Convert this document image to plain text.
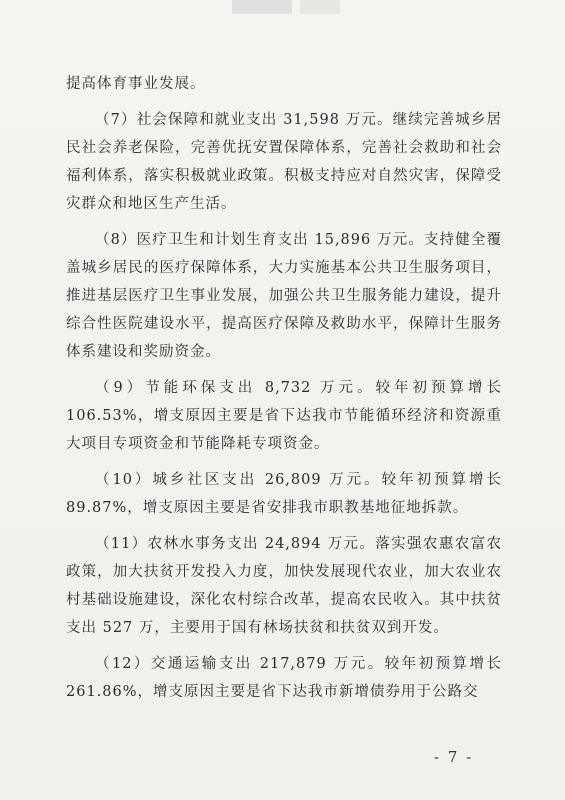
提高体育事业发展。

（7）社会保障和就业支出 31,598 万元。继续完善城乡居民社会养老保险，完善优抚安置保障体系，完善社会救助和社会福利体系，落实积极就业政策。积极支持应对自然灾害，保障受灾群众和地区生产生活。

（8）医疗卫生和计划生育支出 15,896 万元。支持健全覆盖城乡居民的医疗保障体系，大力实施基本公共卫生服务项目，推进基层医疗卫生事业发展，加强公共卫生服务能力建设，提升综合性医院建设水平，提高医疗保障及救助水平，保障计生服务体系建设和奖励资金。

（9）节能环保支出 8,732 万元。较年初预算增长 106.53%，增支原因主要是省下达我市节能循环经济和资源重大项目专项资金和节能降耗专项资金。

（10）城乡社区支出 26,809 万元。较年初预算增长 89.87%，增支原因主要是省安排我市职教基地征地拆款。

（11）农林水事务支出 24,894 万元。落实强农惠农富农政策，加大扶贫开发投入力度，加快发展现代农业，加大农业农村基础设施建设，深化农村综合改革，提高农民收入。其中扶贫支出 527 万，主要用于国有林场扶贫和扶贫双到开发。

（12）交通运输支出 217,879 万元。较年初预算增长 261.86%，增支原因主要是省下达我市新增债券用于公路交

- 7 -
